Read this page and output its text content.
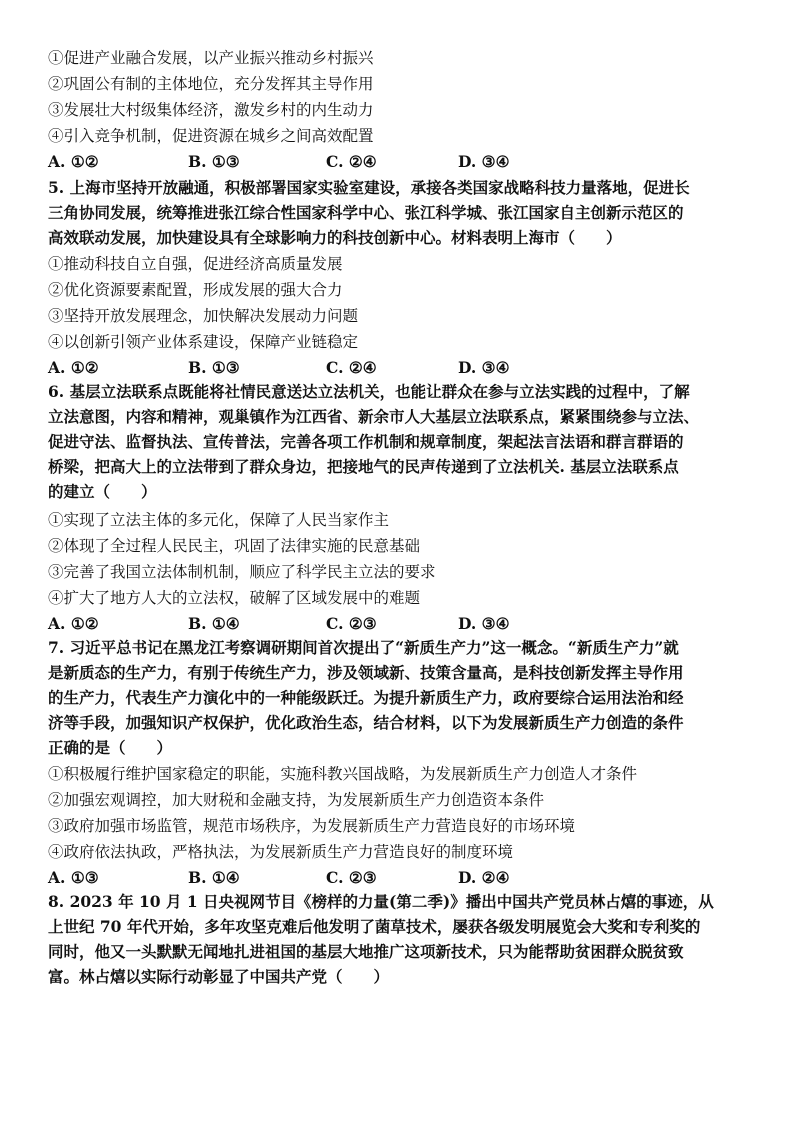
①促进产业融合发展，以产业振兴推动乡村振兴
②巩固公有制的主体地位，充分发挥其主导作用
③发展壮大村级集体经济，激发乡村的内生动力
④引入竞争机制，促进资源在城乡之间高效配置
A. ①②	B. ①③	C. ②④	D. ③④
5. 上海市坚持开放融通，积极部署国家实验室建设，承接各类国家战略科技力量落地，促进长
三角协同发展，统筹推进张江综合性国家科学中心、张江科学城、张江国家自主创新示范区的
高效联动发展，加快建设具有全球影响力的科技创新中心。材料表明上海市（　　）
①推动科技自立自强，促进经济高质量发展
②优化资源要素配置，形成发展的强大合力
③坚持开放发展理念，加快解决发展动力问题
④以创新引领产业体系建设，保障产业链稳定
A. ①②	B. ①③	C. ②④	D. ③④
6. 基层立法联系点既能将社情民意送达立法机关，也能让群众在参与立法实践的过程中，了解
立法意图，内容和精神，观巢镇作为江西省、新余市人大基层立法联系点，紧紧围绕参与立法、
促进守法、监督执法、宣传普法，完善各项工作机制和规章制度，架起法言法语和群言群语的
桥梁，把高大上的立法带到了群众身边，把接地气的民声传递到了立法机关. 基层立法联系点
的建立（　　）
①实现了立法主体的多元化，保障了人民当家作主
②体现了全过程人民民主，巩固了法律实施的民意基础
③完善了我国立法体制机制，顺应了科学民主立法的要求
④扩大了地方人大的立法权，破解了区域发展中的难题
A. ①②	B. ①④	C. ②③	D. ③④
7. 习近平总书记在黑龙江考察调研期间首次提出了“新质生产力”这一概念。“新质生产力”就
是新质态的生产力，有别于传统生产力，涉及领域新、技策含量高，是科技创新发挥主导作用
的生产力，代表生产力演化中的一种能级跃迁。为提升新质生产力，政府要综合运用法治和经
济等手段，加强知识产权保护，优化政治生态，结合材料，以下为发展新质生产力创造的条件
正确的是（　　）
①积极履行维护国家稳定的职能，实施科教兴国战略，为发展新质生产力创造人才条件
②加强宏观调控，加大财税和金融支持，为发展新质生产力创造资本条件
③政府加强市场监管，规范市场秩序，为发展新质生产力营造良好的市场环境
④政府依法执政，严格执法，为发展新质生产力营造良好的制度环境
A. ①③	B. ①④	C. ②③	D. ②④
8. 2023 年 10 月 1 日央视网节目《榜样的力量(第二季)》播出中国共产党员林占熺的事迹，从
上世纪 70 年代开始，多年攻坚克难后他发明了菌草技术，屡获各级发明展览会大奖和专利奖的
同时，他又一头默默无闻地扎进祖国的基层大地推广这项新技术，只为能帮助贫困群众脱贫致
富。林占熺以实际行动彰显了中国共产党（　　）
